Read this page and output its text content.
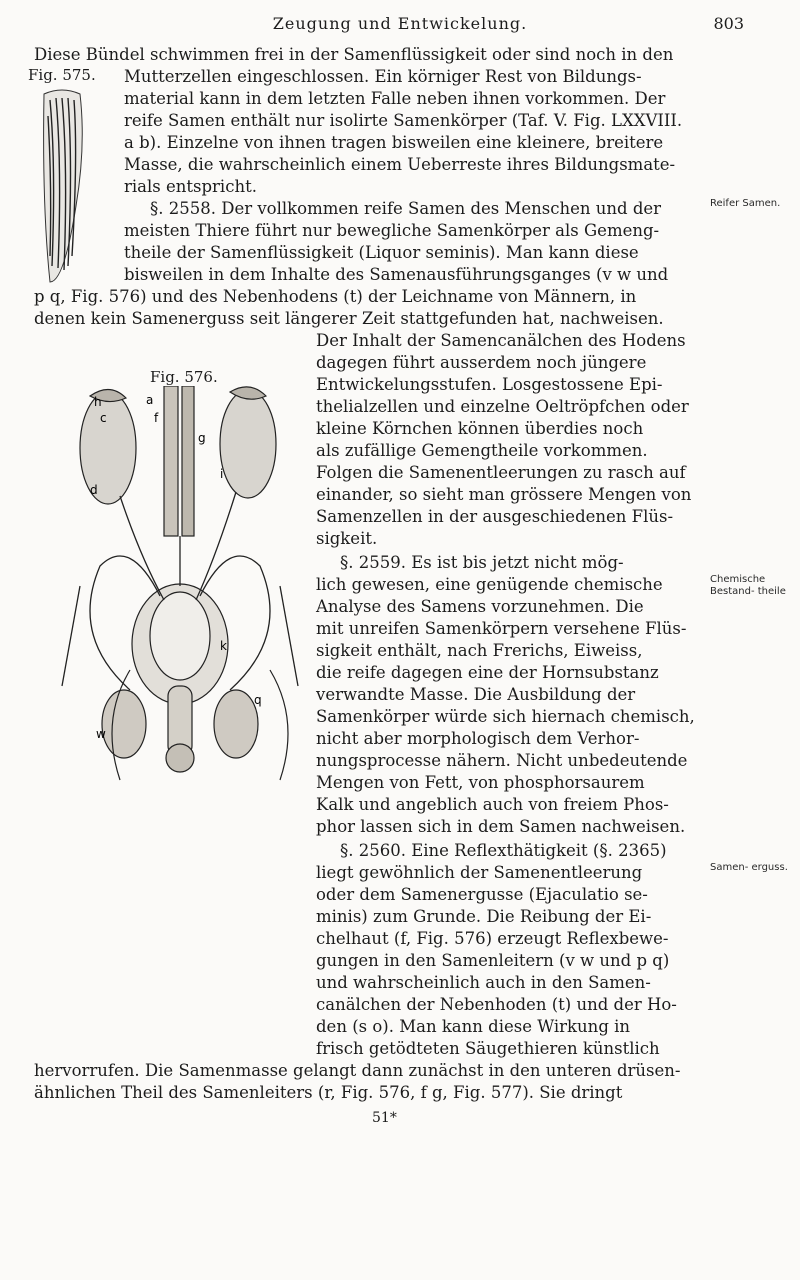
Zeugung und Entwickelung.	803
Fig. 575.
Fig. 576.
h	a
c	f
g
d
i
k
q
w
Diese Bündel schwimmen frei in der Samenflüssigkeit oder sind noch in den
Mutterzellen eingeschlossen. Ein körniger Rest von Bildungs-
material kann in dem letzten Falle neben ihnen vorkommen. Der
reife Samen enthält nur isolirte Samenkörper (Taf. V. Fig. LXXVIII.
a b). Einzelne von ihnen tragen bisweilen eine kleinere, breitere
Masse, die wahrscheinlich einem Ueberreste ihres Bildungsmate-
rials entspricht.
§. 2558. Der vollkommen reife Samen des Menschen und der
meisten Thiere führt nur bewegliche Samenkörper als Gemeng-
theile der Samenflüssigkeit (Liquor seminis). Man kann diese
bisweilen in dem Inhalte des Samenausführungsganges (v w und
p q, Fig. 576) und des Nebenhodens (t) der Leichname von Männern, in
denen kein Samenerguss seit längerer Zeit stattgefunden hat, nachweisen.
Der Inhalt der Samencanälchen des Hodens
dagegen führt ausserdem noch jüngere
Entwickelungsstufen. Losgestossene Epi-
thelialzellen und einzelne Oeltröpfchen oder
kleine Körnchen können überdies noch
als zufällige Gemengtheile vorkommen.
Folgen die Samenentleerungen zu rasch auf
einander, so sieht man grössere Mengen von
Samenzellen in der ausgeschiedenen Flüs-
sigkeit.
§. 2559. Es ist bis jetzt nicht mög-
lich gewesen, eine genügende chemische
Analyse des Samens vorzunehmen. Die
mit unreifen Samenkörpern versehene Flüs-
sigkeit enthält, nach Frerichs, Eiweiss,
die reife dagegen eine der Hornsubstanz
verwandte Masse. Die Ausbildung der
Samenkörper würde sich hiernach chemisch,
nicht aber morphologisch dem Verhor-
nungsprocesse nähern. Nicht unbedeutende
Mengen von Fett, von phosphorsaurem
Kalk und angeblich auch von freiem Phos-
phor lassen sich in dem Samen nachweisen.
§. 2560. Eine Reflexthätigkeit (§. 2365)
liegt gewöhnlich der Samenentleerung
oder dem Samenergusse (Ejaculatio se-
minis) zum Grunde. Die Reibung der Ei-
chelhaut (f, Fig. 576) erzeugt Reflexbewe-
gungen in den Samenleitern (v w und p q)
und wahrscheinlich auch in den Samen-
canälchen der Nebenhoden (t) und der Ho-
den (s o). Man kann diese Wirkung in
frisch getödteten Säugethieren künstlich
hervorrufen. Die Samenmasse gelangt dann zunächst in den unteren drüsen-
ähnlichen Theil des Samenleiters (r, Fig. 576, f g, Fig. 577). Sie dringt
Reifer Samen.
Chemische Bestand- theile
Samen- erguss.
51*
